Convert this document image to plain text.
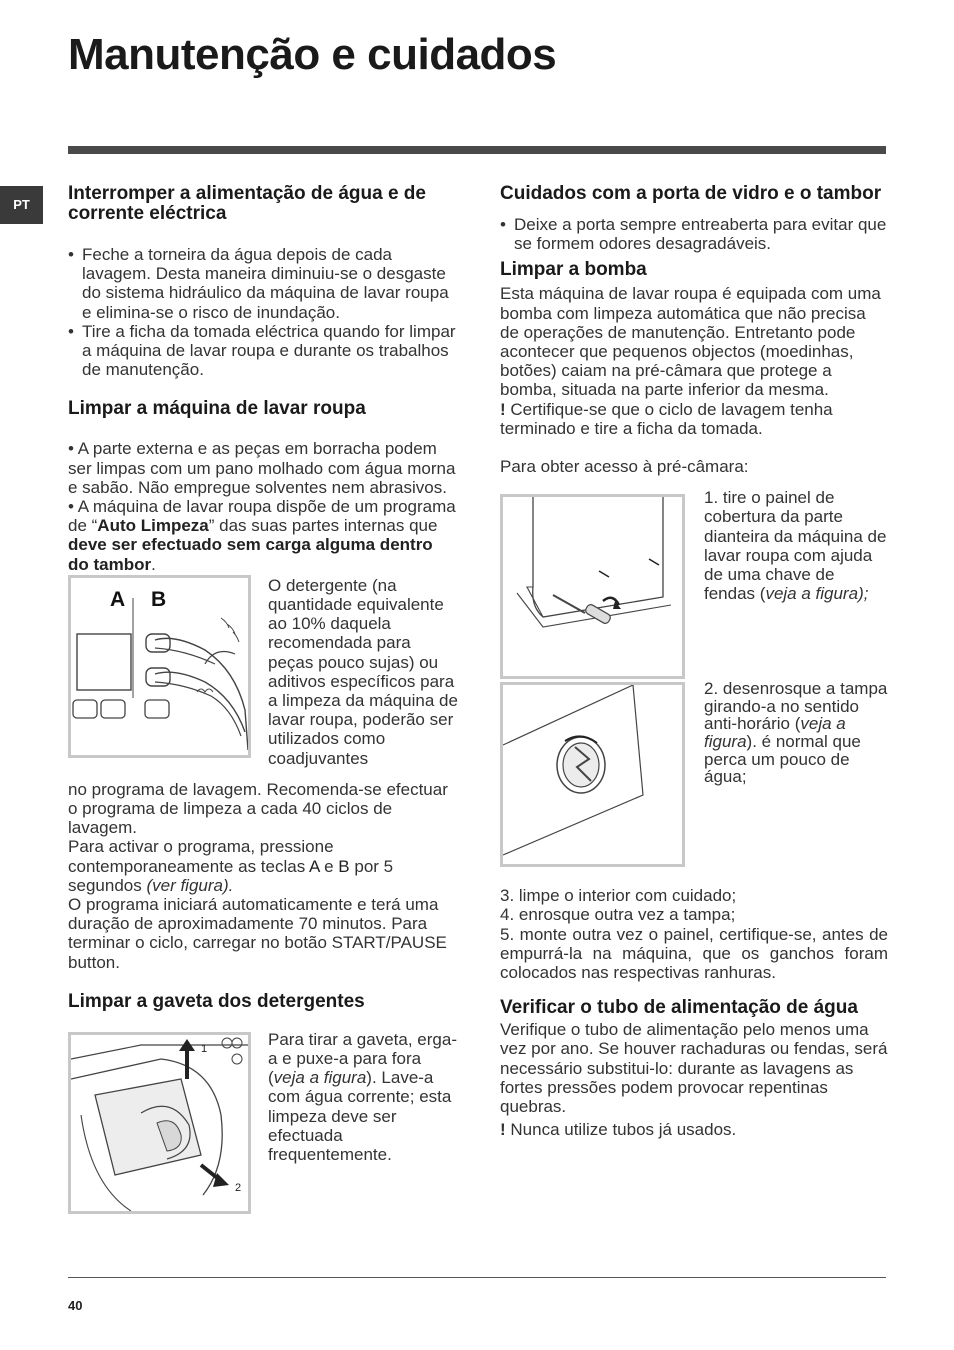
Manutenção e cuidados
PT
Interromper a alimentação de água e de corrente eléctrica
• Feche a torneira da água depois de cada lavagem. Desta maneira diminuiu-se o desgaste do sistema hidráulico da máquina de lavar roupa e elimina-se o risco de inundação.
• Tire a ficha da tomada eléctrica quando for limpar a máquina de lavar roupa e durante os trabalhos de manutenção.
Limpar a máquina de lavar roupa

• A parte externa e as peças em borracha podem ser limpas com um pano molhado com água morna e sabão. Não empregue solventes nem abrasivos.

• A máquina de lavar roupa dispõe de um programa de “Auto Limpeza” das suas partes internas que deve ser efectuado sem carga alguma dentro do tambor.

A B

O detergente (na quantidade equivalente ao 10% daquela recomendada para peças pouco sujas) ou aditivos específicos para a limpeza da máquina de lavar roupa, poderão ser utilizados como coadjuvantes

no programa de lavagem. Recomenda-se efectuar o programa de limpeza a cada 40 ciclos de lavagem.

Para activar o programa, pressione contemporaneamente as teclas A e B por 5 segundos (ver figura).

O programa iniciará automaticamente e terá uma duração de aproximadamente 70 minutos. Para terminar o ciclo, carregar no botão START/PAUSE button.

Limpar a gaveta dos detergentes
1
2

Para tirar a gaveta, erga-a e puxe-a para fora (veja a figura). Lave-a com água corrente; esta limpeza deve ser efectuada frequentemente.

Cuidados com a porta de vidro e o tambor
• Deixe a porta sempre entreaberta para evitar que se formem odores desagradáveis.
Limpar a bomba

Esta máquina de lavar roupa é equipada com uma bomba com limpeza automática que não precisa de operações de manutenção. Entretanto pode acontecer que pequenos objectos (moedinhas, botões) caiam na pré-câmara que protege a bomba, situada na parte inferior da mesma.

! Certifique-se que o ciclo de lavagem tenha terminado e tire a ficha da tomada.

Para obter acesso à pré-câmara:

1. tire o painel de cobertura da parte dianteira da máquina de lavar roupa com ajuda de uma chave de fendas (veja a figura);

2. desenrosque a tampa girando-a no sentido anti-horário (veja a figura). é normal que perca um pouco de água;

3. limpe o interior com cuidado;

4. enrosque outra vez a tampa;

5. monte outra vez o painel, certifique-se, antes de empurrá-la na máquina, que os ganchos foram colocados nas respectivas ranhuras.

Verificar o tubo de alimentação de água

Verifique o tubo de alimentação pelo menos uma vez por ano. Se houver rachaduras ou fendas, será necessário substitui-lo: durante as lavagens as fortes pressões podem provocar repentinas quebras.

! Nunca utilize tubos já usados.

40
